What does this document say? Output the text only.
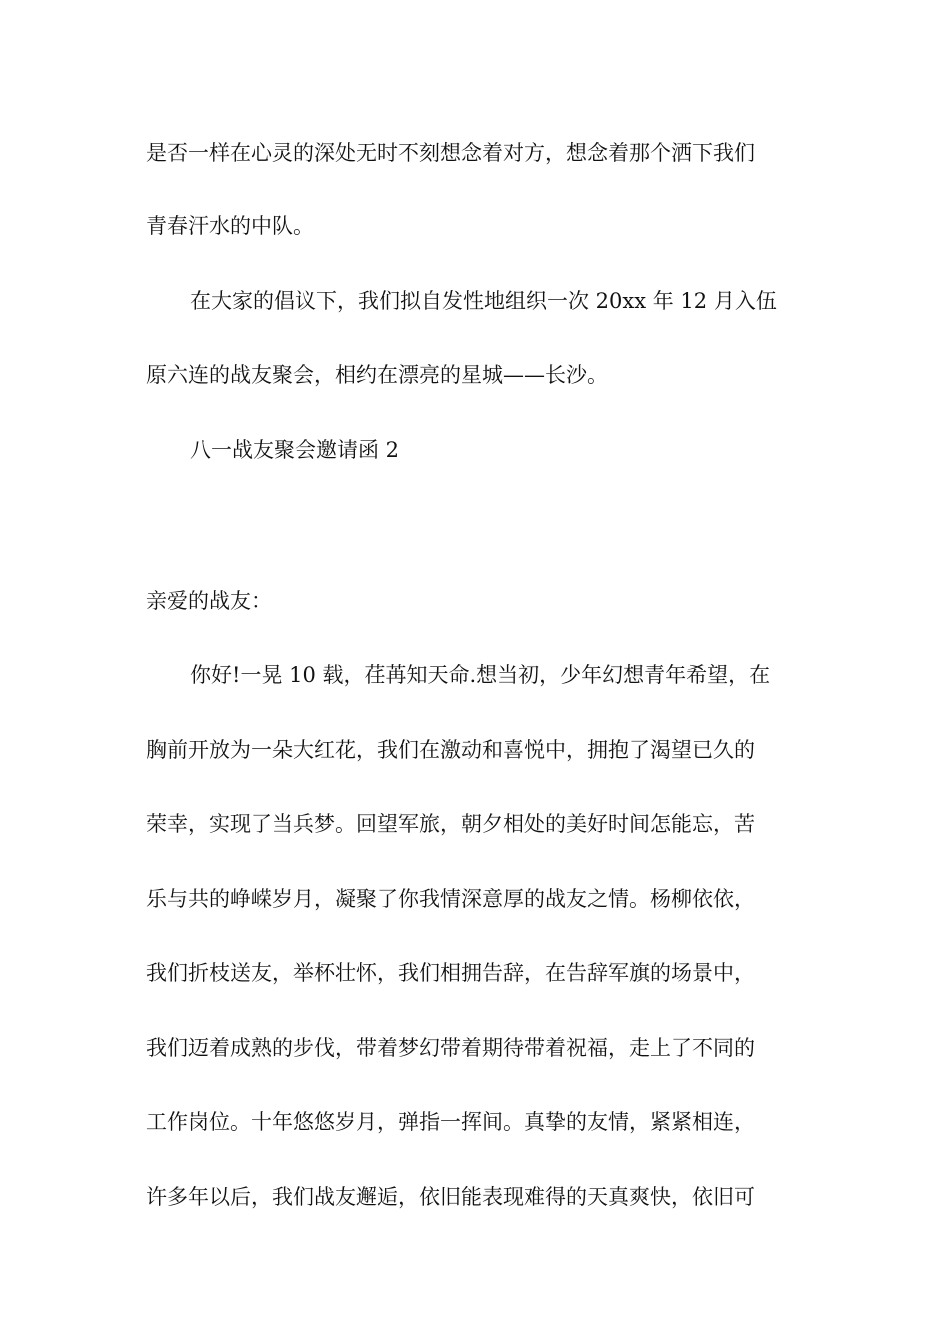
是否一样在心灵的深处无时不刻想念着对方，想念着那个洒下我们
青春汗水的中队。
在大家的倡议下，我们拟自发性地组织一次 20xx 年 12 月入伍
原六连的战友聚会，相约在漂亮的星城——长沙。
八一战友聚会邀请函 2
亲爱的战友：
你好!一晃 10 载，荏苒知天命.想当初，少年幻想青年希望，在
胸前开放为一朵大红花，我们在激动和喜悦中，拥抱了渴望已久的
荣幸，实现了当兵梦。回望军旅，朝夕相处的美好时间怎能忘，苦
乐与共的峥嵘岁月，凝聚了你我情深意厚的战友之情。杨柳依依，
我们折枝送友，举杯壮怀，我们相拥告辞，在告辞军旗的场景中，
我们迈着成熟的步伐，带着梦幻带着期待带着祝福，走上了不同的
工作岗位。十年悠悠岁月，弹指一挥间。真挚的友情，紧紧相连，
许多年以后，我们战友邂逅，依旧能表现难得的天真爽快，依旧可
